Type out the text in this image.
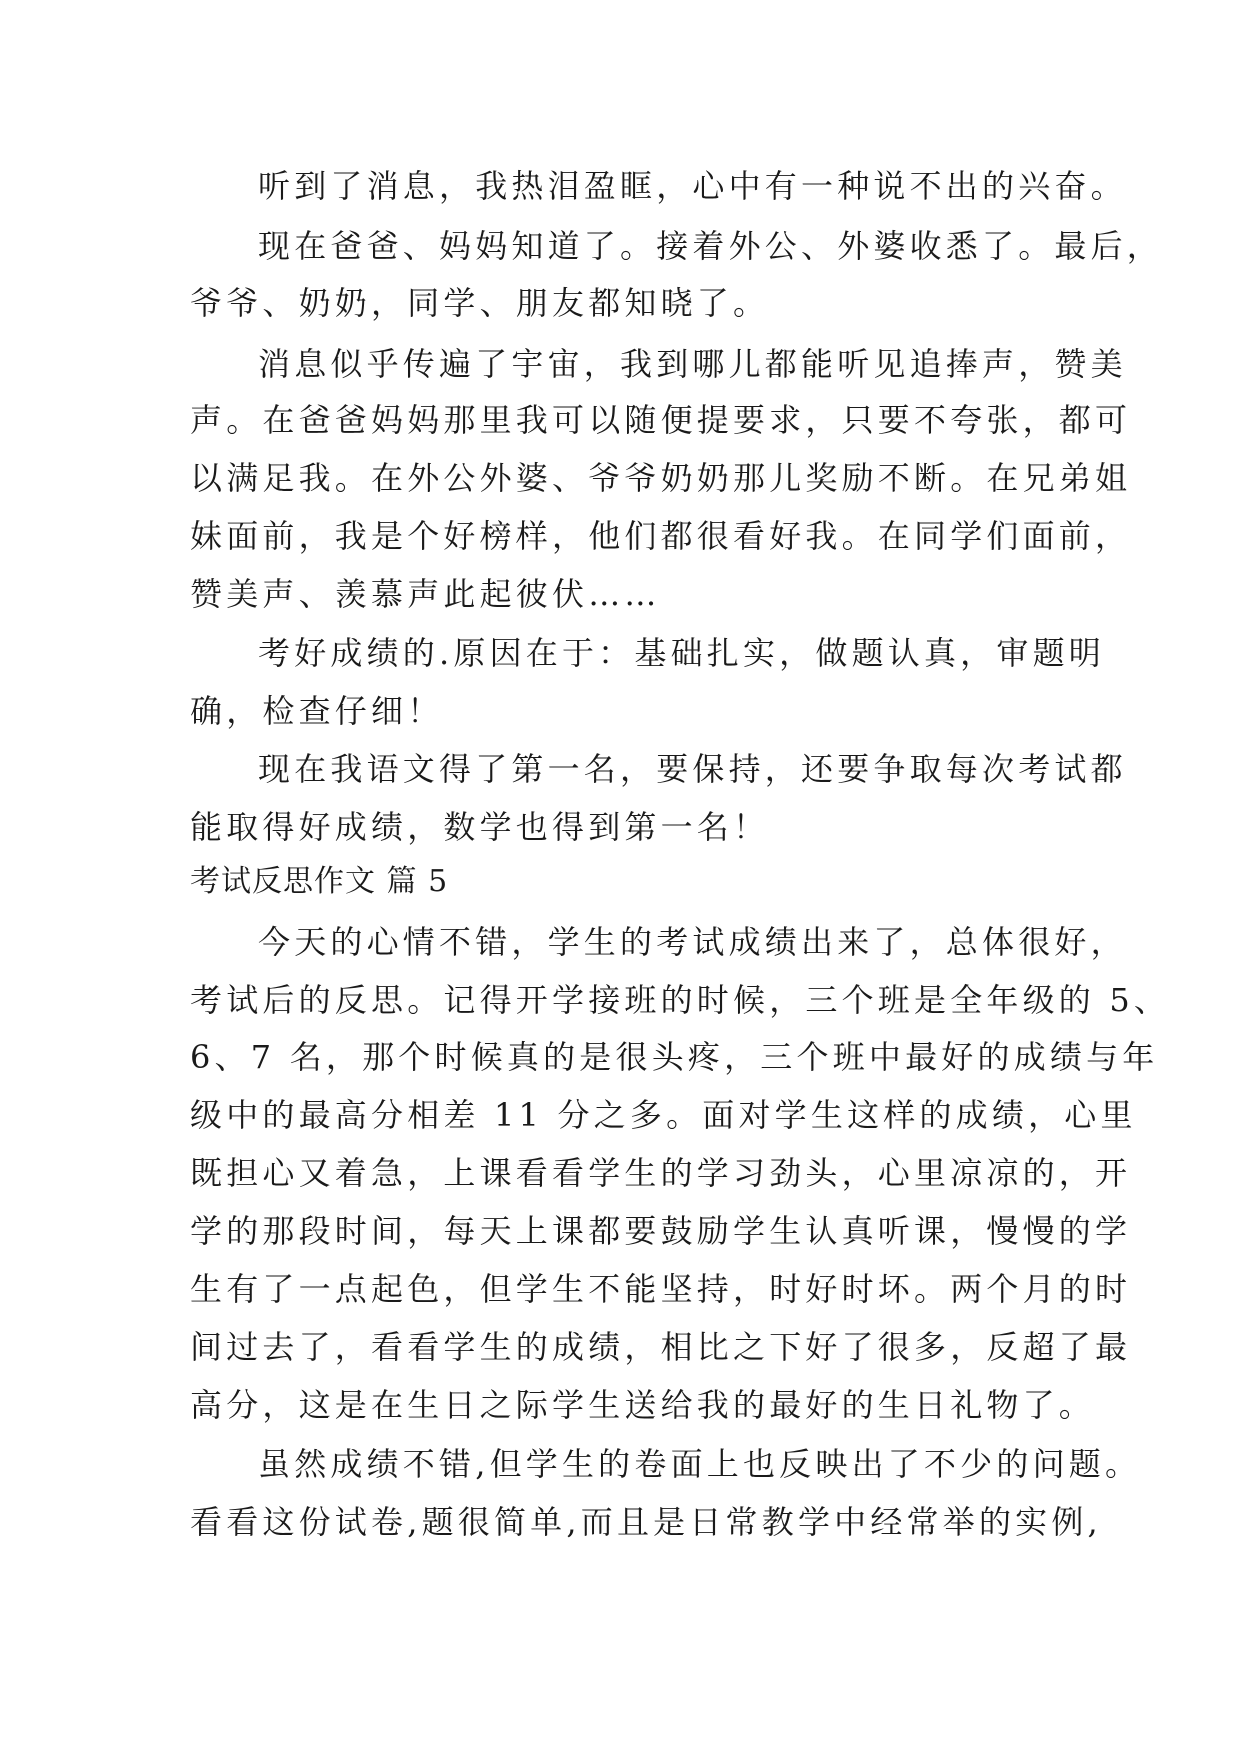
听到了消息，我热泪盈眶，心中有一种说不出的兴奋。
现在爸爸、妈妈知道了。接着外公、外婆收悉了。最后，
爷爷、奶奶，同学、朋友都知晓了。
消息似乎传遍了宇宙，我到哪儿都能听见追捧声，赞美
声。在爸爸妈妈那里我可以随便提要求，只要不夸张，都可
以满足我。在外公外婆、爷爷奶奶那儿奖励不断。在兄弟姐
妹面前，我是个好榜样，他们都很看好我。在同学们面前，
赞美声、羡慕声此起彼伏……
考好成绩的.原因在于：基础扎实，做题认真，审题明
确，检查仔细！
现在我语文得了第一名，要保持，还要争取每次考试都
能取得好成绩，数学也得到第一名！
考试反思作文 篇 5
今天的心情不错，学生的考试成绩出来了，总体很好，
考试后的反思。记得开学接班的时候，三个班是全年级的 5、
6、7 名，那个时候真的是很头疼，三个班中最好的成绩与年
级中的最高分相差 11 分之多。面对学生这样的成绩，心里
既担心又着急，上课看看学生的学习劲头，心里凉凉的，开
学的那段时间，每天上课都要鼓励学生认真听课，慢慢的学
生有了一点起色，但学生不能坚持，时好时坏。两个月的时
间过去了，看看学生的成绩，相比之下好了很多，反超了最
高分，这是在生日之际学生送给我的最好的生日礼物了。
虽然成绩不错,但学生的卷面上也反映出了不少的问题。
看看这份试卷,题很简单,而且是日常教学中经常举的实例,
